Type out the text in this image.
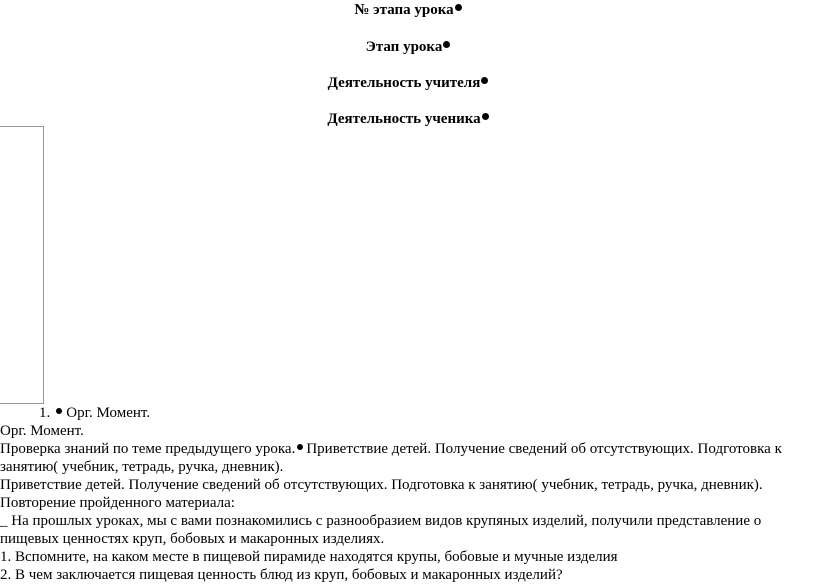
№ этапа урока
Этап урока
Деятельность учителя
Деятельность ученика
1. Орг. Момент.
Орг. Момент.
Проверка знаний по теме предыдущего урока. Приветствие детей. Получение сведений об отсутствующих. Подготовка к занятию( учебник, тетрадь, ручка, дневник).
Приветствие детей. Получение сведений об отсутствующих. Подготовка к занятию( учебник, тетрадь, ручка, дневник).
Повторение пройденного материала:
_ На прошлых уроках, мы с вами познакомились с разнообразием видов крупяных изделий, получили представление о пищевых ценностях круп, бобовых и макаронных изделиях.
1. Вспомните, на каком месте в пищевой пирамиде находятся крупы, бобовые и мучные изделия
2. В чем заключается пищевая ценность блюд из круп, бобовых и макаронных изделий?
